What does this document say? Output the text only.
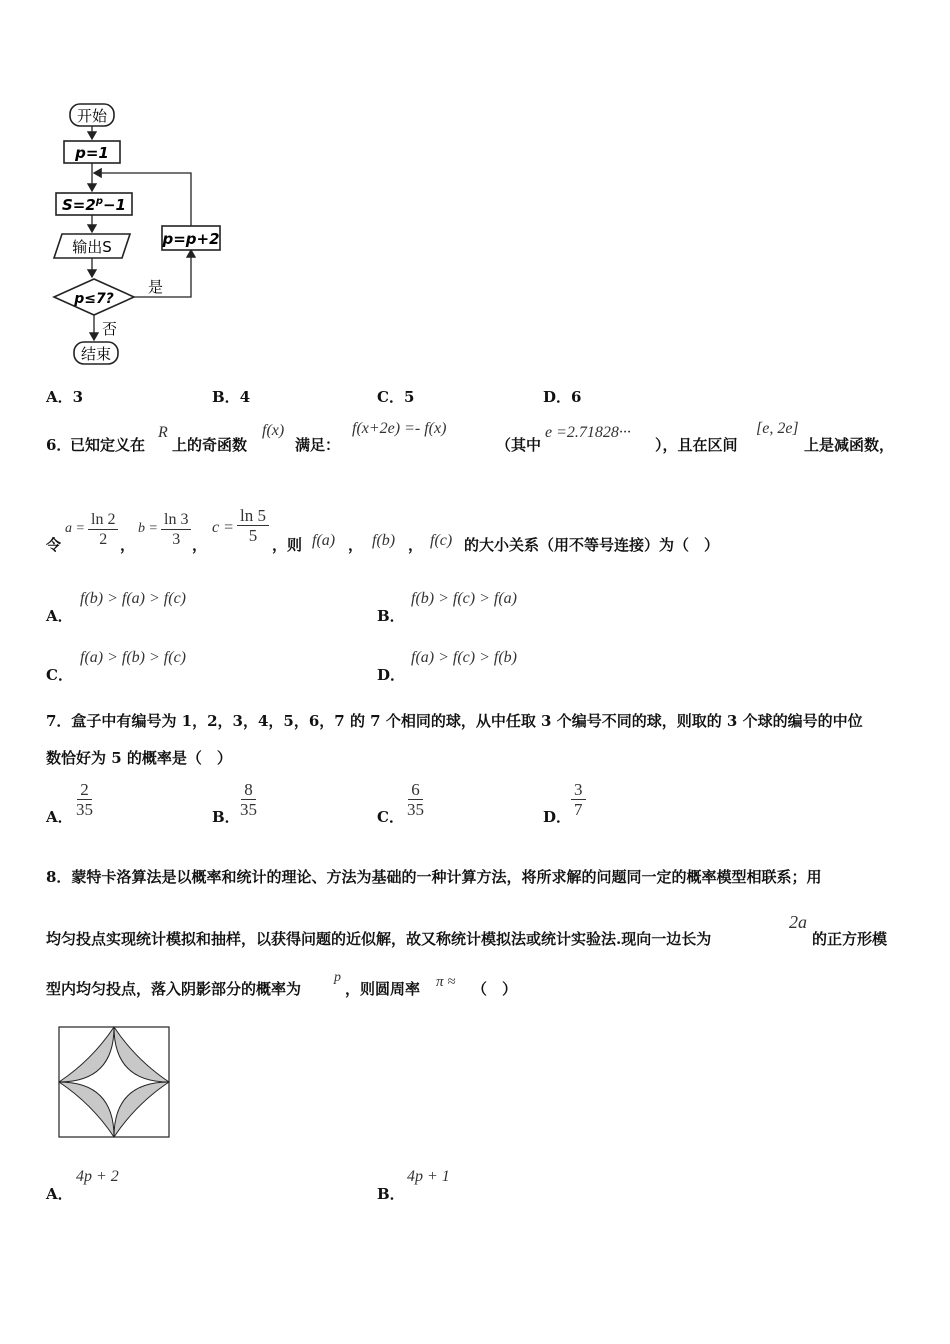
开始
p=1
$S=2^p-1$
输出S
p≤7?
是
p=p+2
否
结束
A．3	B．4	C．5	D．6
6．
已知定义在
R
上的奇函数
f(x)
满足：
f(x+2e) =- f(x)
（其中
e =2.71828···
），且在区间
[e, 2e]
上是减函数，
令
$a = \frac{\ln 2}{2}$ ，
$b = \frac{\ln 3}{3}$ ，
$c = \frac{\ln 5}{5}$ ，则 f(a) ， f(b) ， f(c) 的大小关系（用不等号连接）为（　）
A．
f(b) > f(a) > f(c)
B．
f(b) > f(c) > f(a)
C．
f(a) > f(b) > f(c)
D．
f(a) > f(c) > f(b)
7．盒子中有编号为 1，2，3，4，5，6，7 的 7 个相同的球，从中任取 3 个编号不同的球，则取的 3 个球的编号的中位
数恰好为 5 的概率是（　）
A． $\frac{2}{35}$	B． $\frac{8}{35}$	C． $\frac{6}{35}$	D． $\frac{3}{7}$
8．蒙特卡洛算法是以概率和统计的理论、方法为基础的一种计算方法，将所求解的问题同一定的概率模型相联系；用
均匀投点实现统计模拟和抽样，以获得问题的近似解，故又称统计模拟法或统计实验法.现向一边长为
2a
的正方形模
型内均匀投点，落入阴影部分的概率为
p
，则圆周率 π ≈ （　）
A．
4p + 2
B．
4p + 1
